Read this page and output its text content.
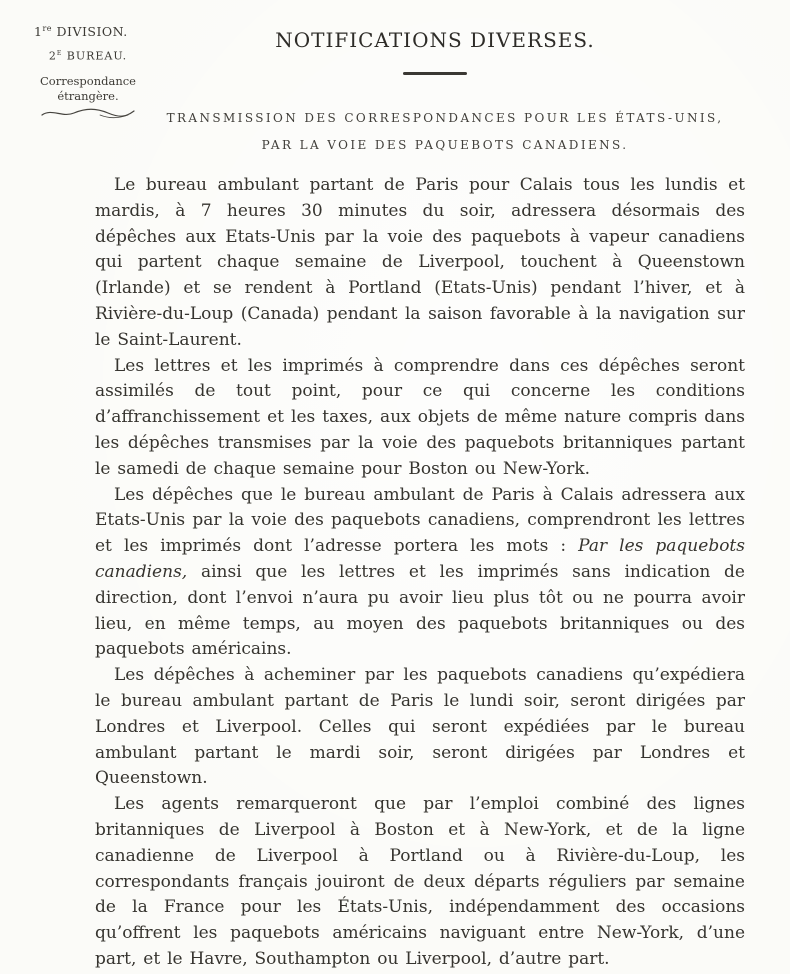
1re DIVISION.
2e BUREAU.
Correspondance
étrangère.
NOTIFICATIONS DIVERSES.
TRANSMISSION DES CORRESPONDANCES POUR LES ÉTATS-UNIS,
PAR LA VOIE DES PAQUEBOTS CANADIENS.

Le bureau ambulant partant de Paris pour Calais tous les lundis et mardis, à 7 heures 30 minutes du soir, adressera désormais des dépêches aux Etats-Unis par la voie des paquebots à vapeur canadiens qui partent chaque semaine de Liverpool, touchent à Queenstown (Irlande) et se rendent à Portland (Etats-Unis) pendant l’hiver, et à Rivière-du-Loup (Canada) pendant la saison favorable à la navigation sur le Saint-Laurent.

Les lettres et les imprimés à comprendre dans ces dépêches seront assimilés de tout point, pour ce qui concerne les conditions d’affranchissement et les taxes, aux objets de même nature compris dans les dépêches transmises par la voie des paquebots britanniques partant le samedi de chaque semaine pour Boston ou New-York.

Les dépêches que le bureau ambulant de Paris à Calais adressera aux Etats-Unis par la voie des paquebots canadiens, comprendront les lettres et les imprimés dont l’adresse portera les mots : Par les paquebots canadiens, ainsi que les lettres et les imprimés sans indication de direction, dont l’envoi n’aura pu avoir lieu plus tôt ou ne pourra avoir lieu, en même temps, au moyen des paquebots britanniques ou des paquebots américains.

Les dépêches à acheminer par les paquebots canadiens qu’expédiera le bureau ambulant partant de Paris le lundi soir, seront dirigées par Londres et Liverpool. Celles qui seront expédiées par le bureau ambulant partant le mardi soir, seront dirigées par Londres et Queenstown.

Les agents remarqueront que par l’emploi combiné des lignes britanniques de Liverpool à Boston et à New-York, et de la ligne canadienne de Liverpool à Portland ou à Rivière-du-Loup, les correspondants français jouiront de deux départs réguliers par semaine de la France pour les États-Unis, indépendamment des occasions qu’offrent les paquebots américains naviguant entre New-York, d’une part, et le Havre, Southampton ou Liverpool, d’autre part.
